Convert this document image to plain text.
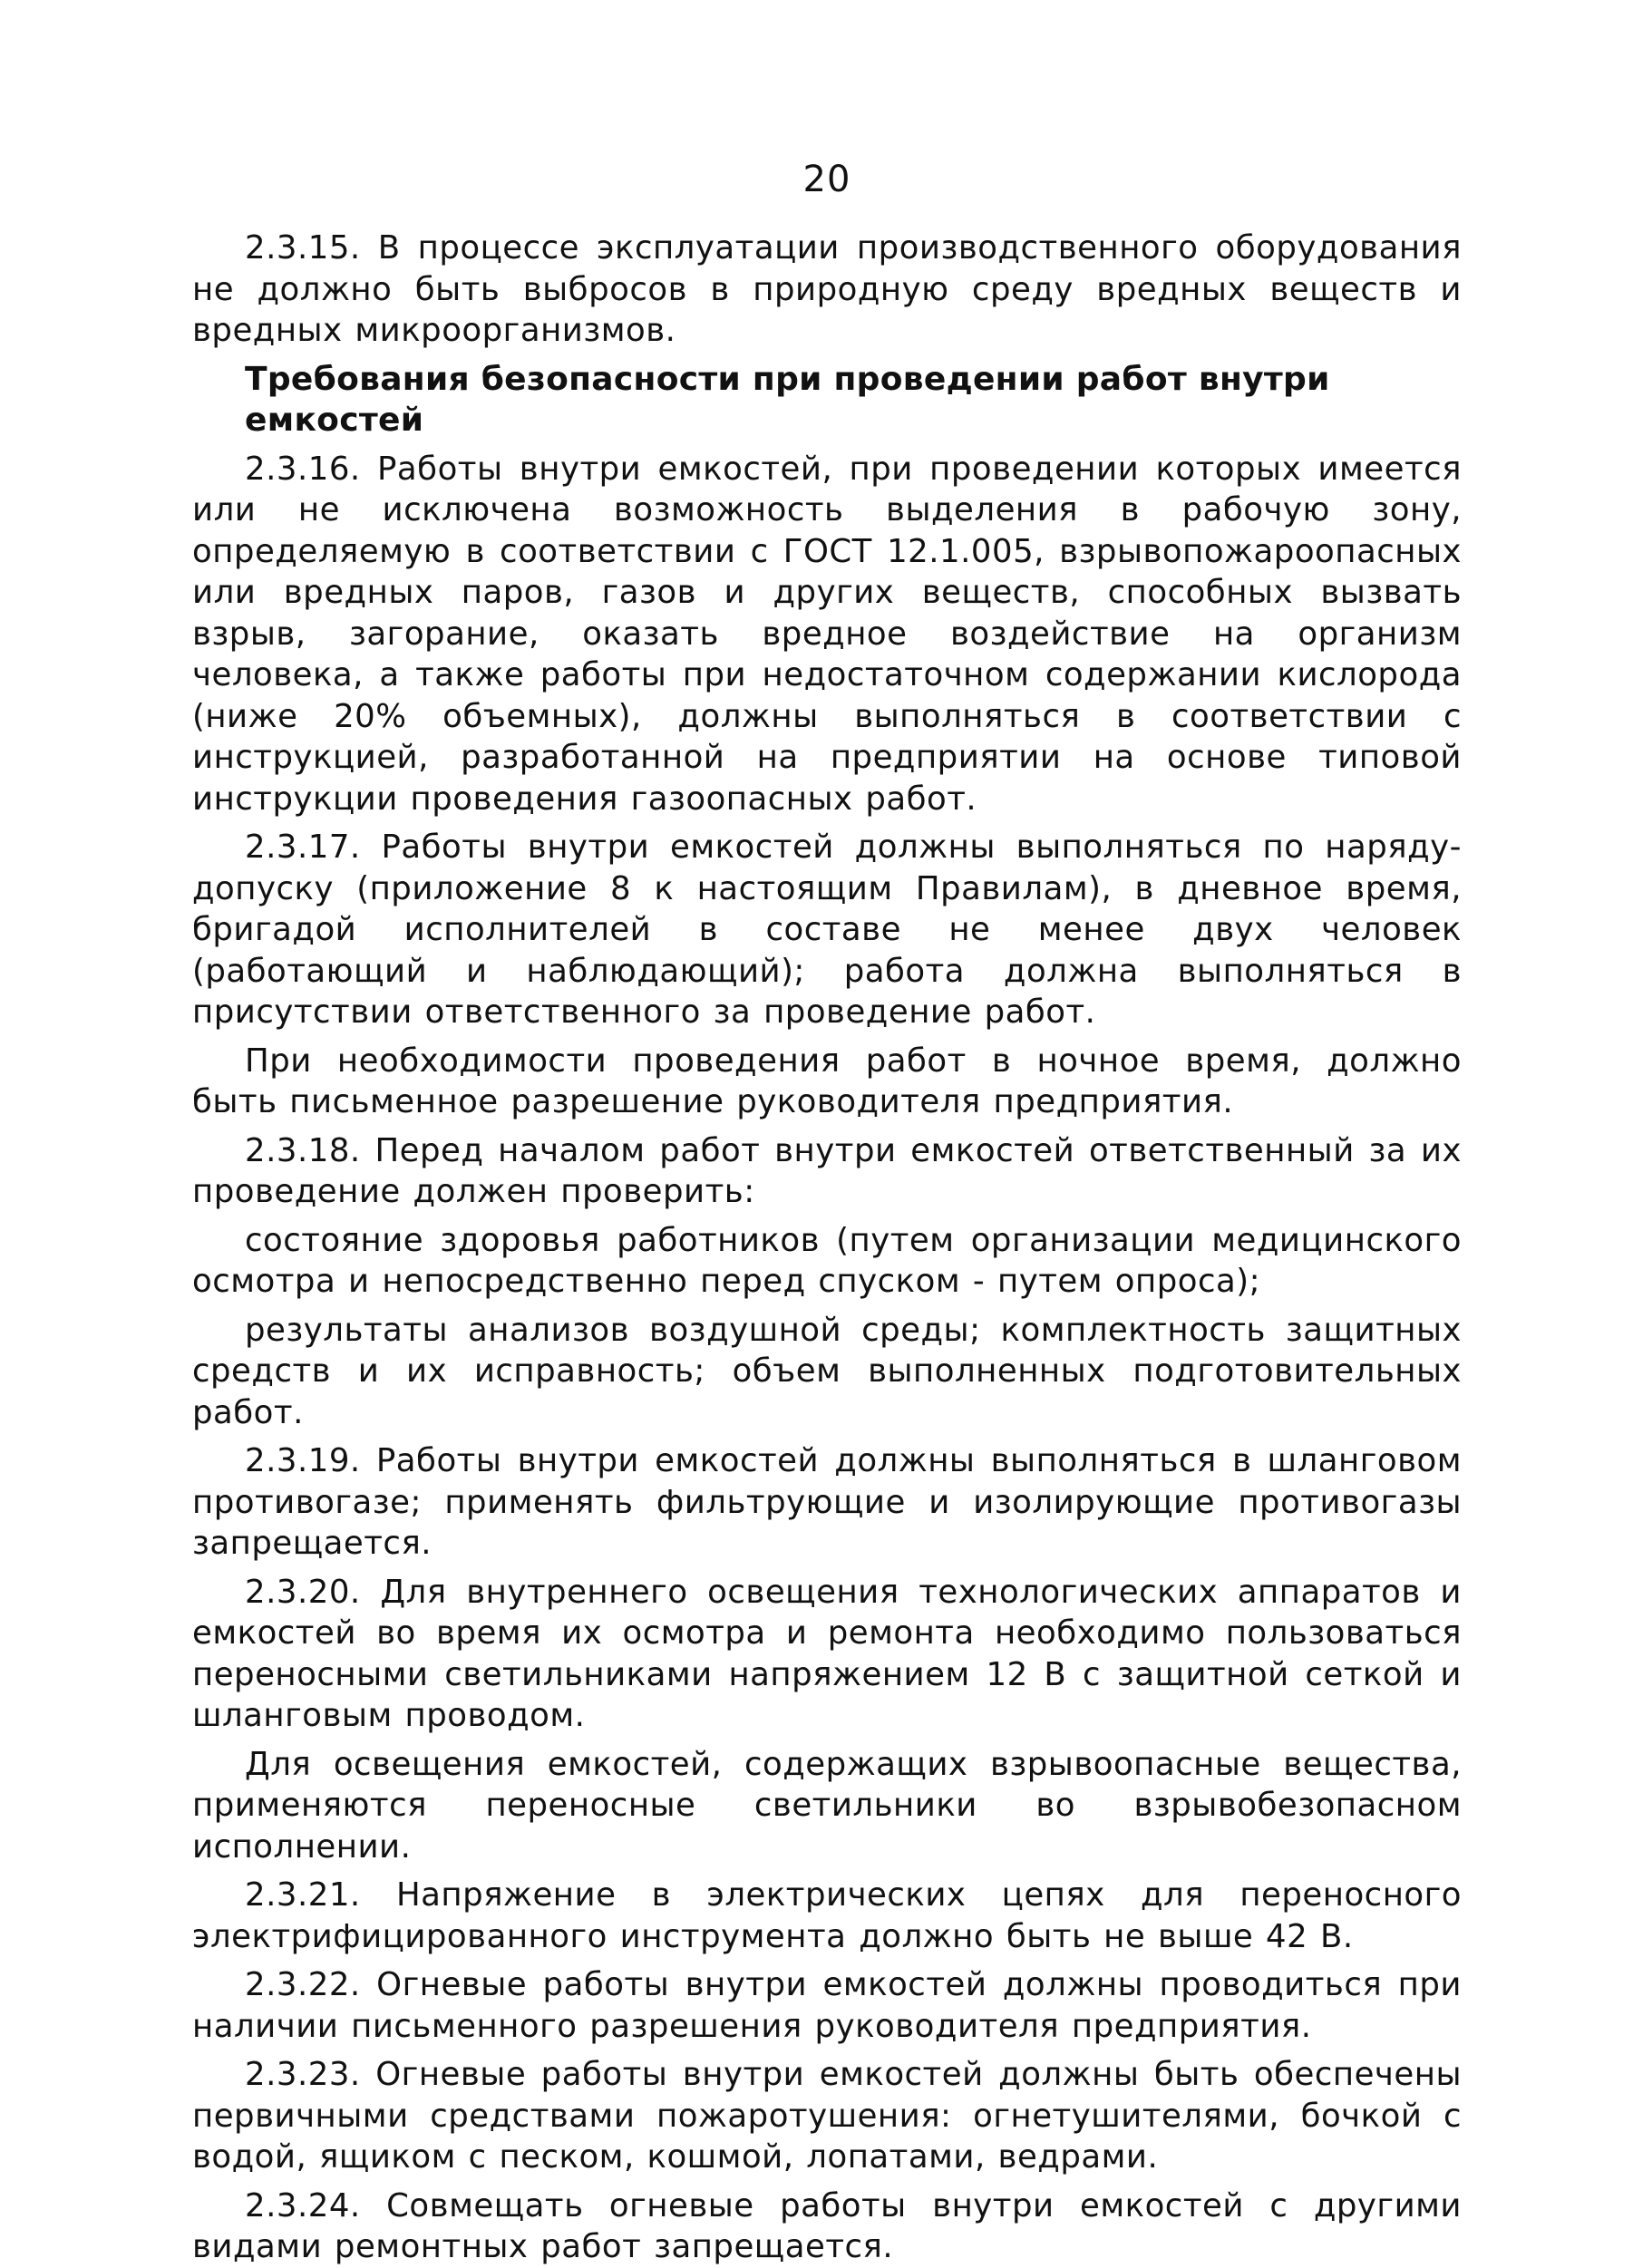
20

2.3.15. В процессе эксплуатации производственного оборудования не должно быть выбросов в природную среду вредных веществ и вредных микроорганизмов.

Требования безопасности при проведении работ внутри емкостей

2.3.16. Работы внутри емкостей, при проведении которых имеется или не исключена возможность выделения в рабочую зону, определяемую в соответствии с ГОСТ 12.1.005, взрывопожароопасных или вредных паров, газов и других веществ, способных вызвать взрыв, загорание, оказать вредное воздействие на организм человека, а также работы при недостаточном содержании кислорода (ниже 20% объемных), должны выполняться в соответствии с инструкцией, разработанной на предприятии на основе типовой инструкции проведения газоопасных работ.

2.3.17. Работы внутри емкостей должны выполняться по наряду-допуску (приложение 8 к настоящим Правилам), в дневное время, бригадой исполнителей в составе не менее двух человек (работающий и наблюдающий); работа должна выполняться в присутствии ответственного за проведение работ.

При необходимости проведения работ в ночное время, должно быть письменное разрешение руководителя предприятия.

2.3.18. Перед началом работ внутри емкостей ответственный за их проведение должен проверить:

состояние здоровья работников (путем организации медицинского осмотра и непосредственно перед спуском - путем опроса);

результаты анализов воздушной среды; комплектность защитных средств и их исправность; объем выполненных подготовительных работ.

2.3.19. Работы внутри емкостей должны выполняться в шланговом противогазе; применять фильтрующие и изолирующие противогазы запрещается.

2.3.20. Для внутреннего освещения технологических аппаратов и емкостей во время их осмотра и ремонта необходимо пользоваться переносными светильниками напряжением 12 В с защитной сеткой и шланговым проводом.

Для освещения емкостей, содержащих взрывоопасные вещества, применяются переносные светильники во взрывобезопасном исполнении.

2.3.21. Напряжение в электрических цепях для переносного электрифицированного инструмента должно быть не выше 42 В.

2.3.22. Огневые работы внутри емкостей должны проводиться при наличии письменного разрешения руководителя предприятия.

2.3.23. Огневые работы внутри емкостей должны быть обеспечены первичными средствами пожаротушения: огнетушителями, бочкой с водой, ящиком с песком, кошмой, лопатами, ведрами.

2.3.24. Совмещать огневые работы внутри емкостей с другими видами ремонтных работ запрещается.
